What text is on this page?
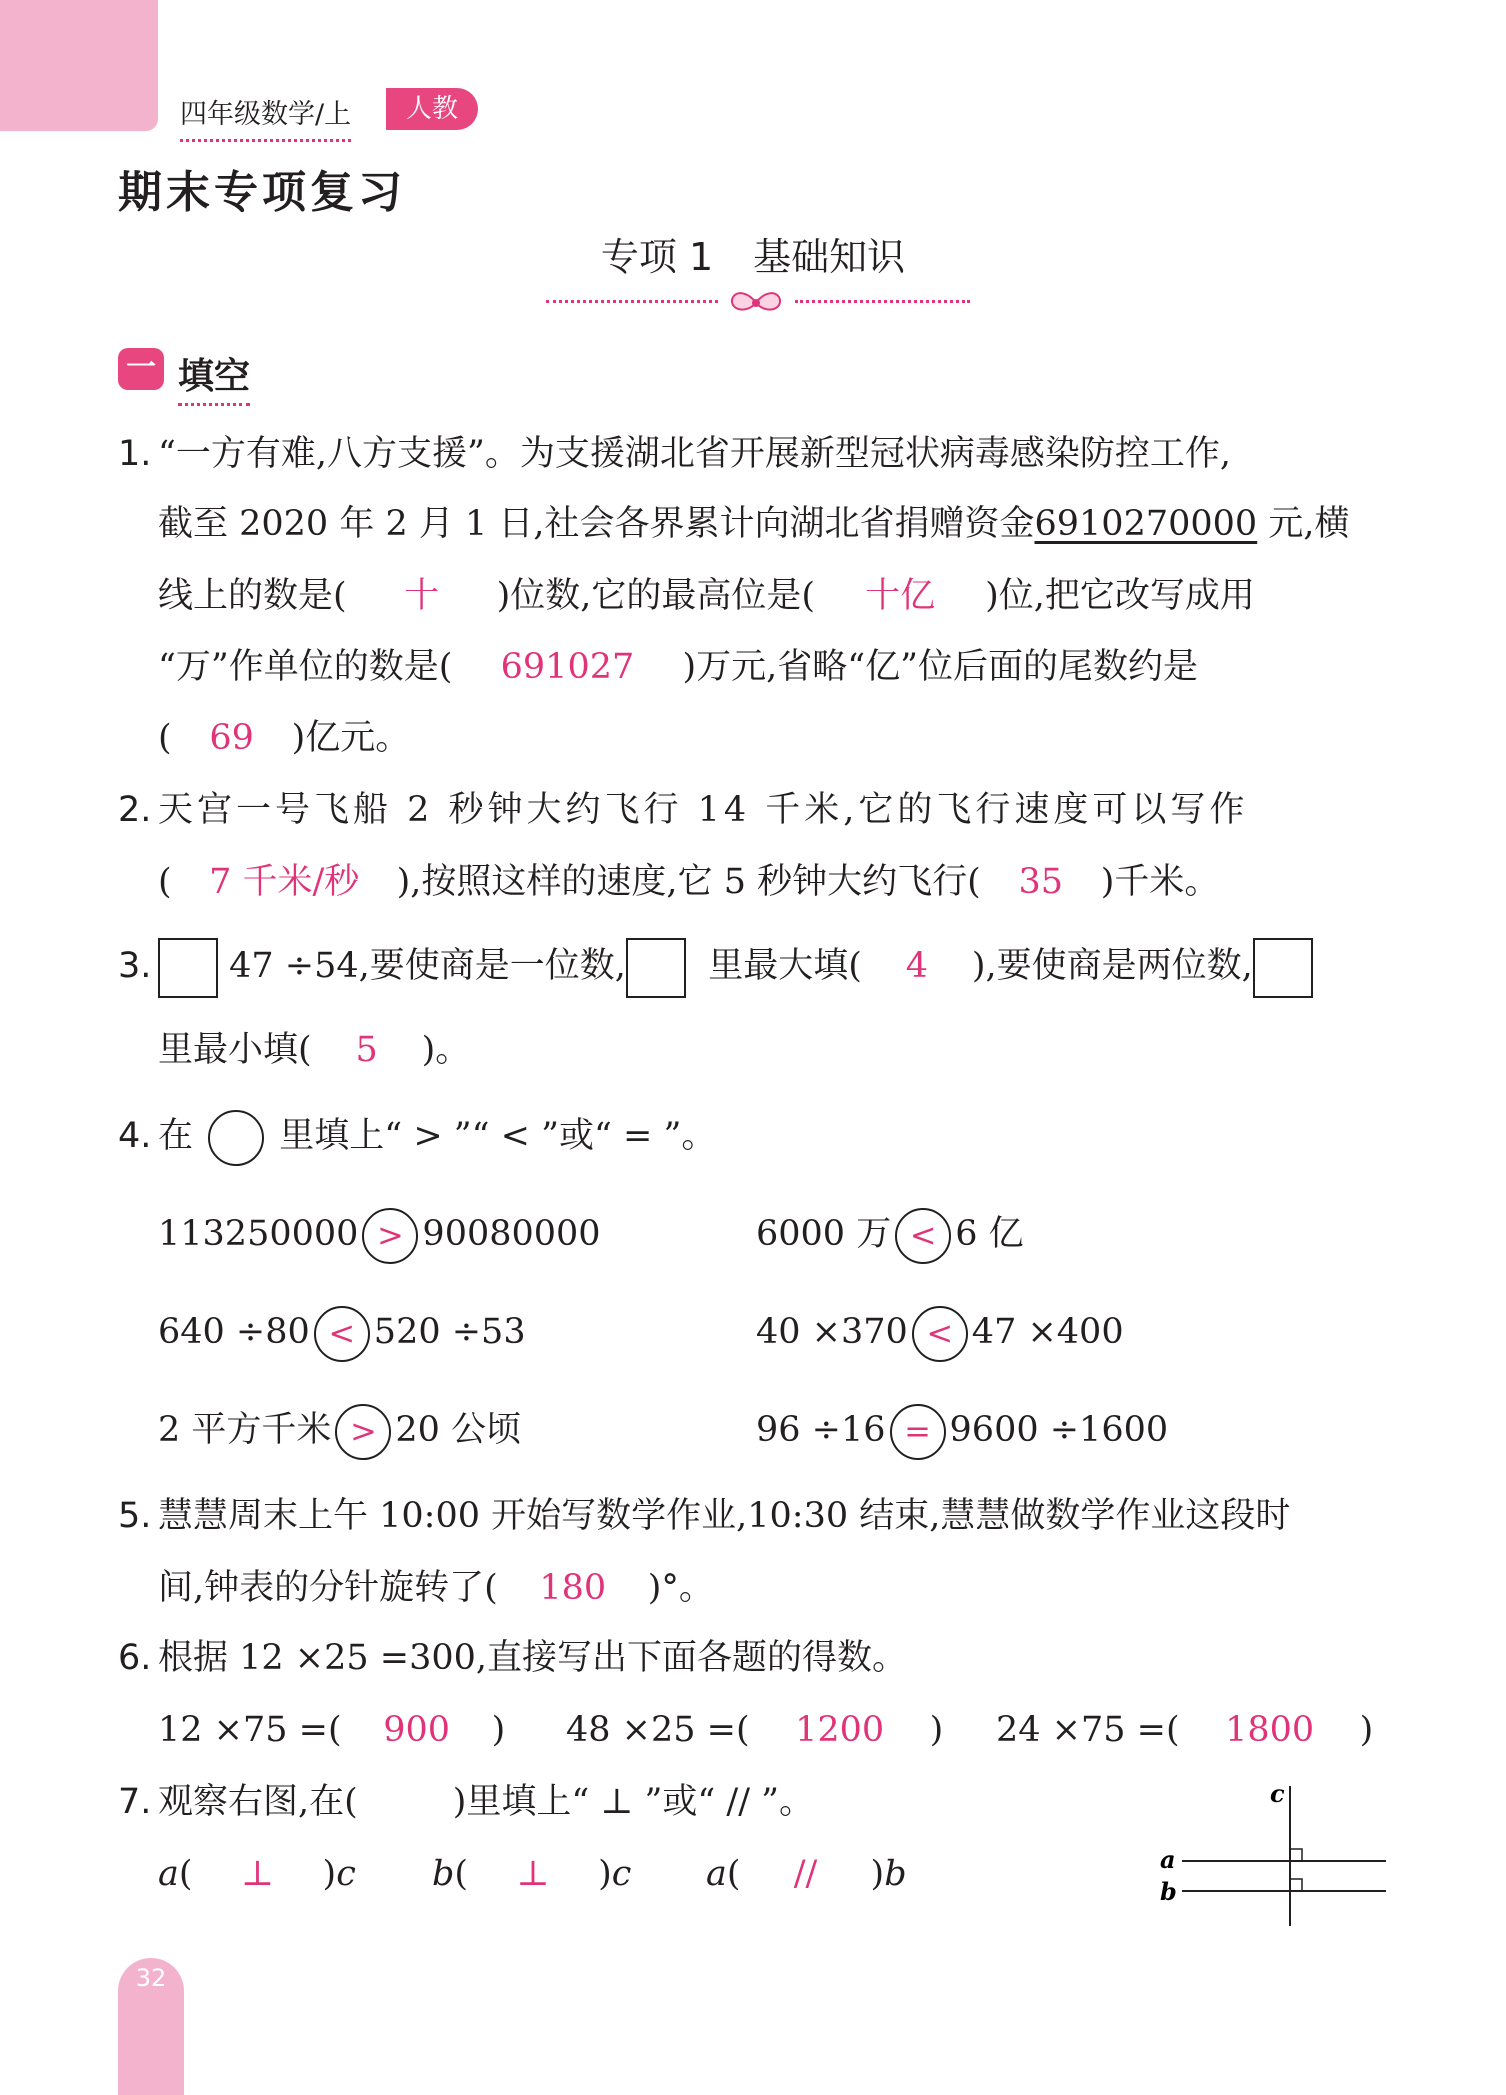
四年级数学/上	人教
期末专项复习
专项 1 基础知识
一 填空
1. “一方有难,八方支援”。为支援湖北省开展新型冠状病毒感染防控工作,
截至 2020 年 2 月 1 日,社会各界累计向湖北省捐赠资金6910270000 元,横
线上的数是( 十 )位数,它的最高位是( 十亿 )位,把它改写成用
“万”作单位的数是( 691027 )万元,省略“亿”位后面的尾数约是
( 69 )亿元。
2. 天宫一号飞船 2 秒钟大约飞行 14 千米,它的飞行速度可以写作
( 7 千米/秒 ),按照这样的速度,它 5 秒钟大约飞行( 35 )千米。
3.	47 ÷54,要使商是一位数, 里最大填( 4 ),要使商是两位数,
里最小填( 5 )。
4. 在 里填上“ > ”“ < ”或“ = ”。
113250000 > 90080000	6000 万 < 6 亿
640 ÷80 < 520 ÷53	40 ×370 < 47 ×400
2 平方千米 > 20 公顷	96 ÷16 = 9600 ÷1600
5. 慧慧周末上午 10:00 开始写数学作业,10:30 结束,慧慧做数学作业这段时
间,钟表的分针旋转了( 180 )°。
6. 根据 12 ×25 =300,直接写出下面各题的得数。
12 ×75 =( 900 ) 48 ×25 =( 1200 ) 24 ×75 =( 1800 )
7. 观察右图,在(	)里填上“ ⊥ ”或“ // ”。
a( ⊥ )c b( ⊥ )c a( // )b
c
a
b
32
